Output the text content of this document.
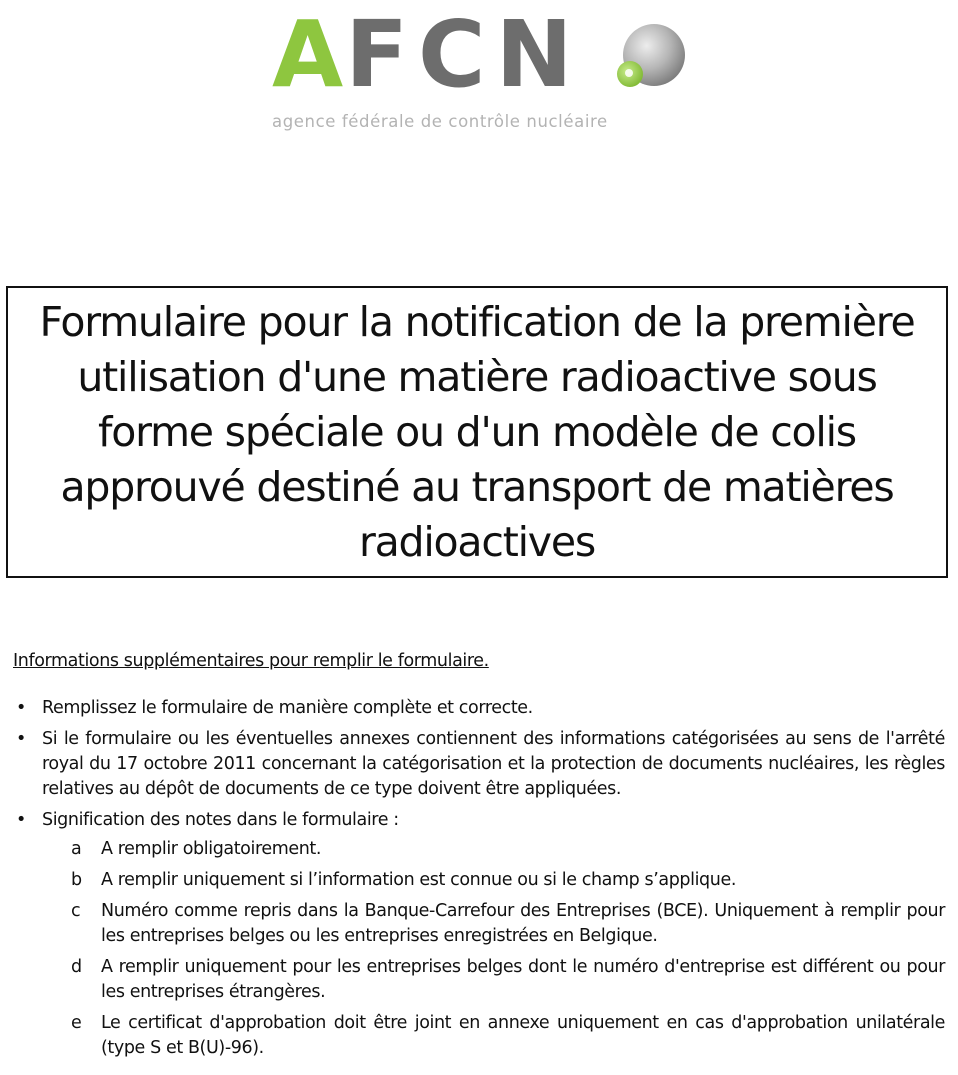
A FCN
agence fédérale de contrôle nucléaire
Formulaire pour la notification de la première utilisation d'une matière radioactive sous forme spéciale ou d'un modèle de colis approuvé destiné au transport de matières radioactives

Informations supplémentaires pour remplir le formulaire.

• Remplissez le formulaire de manière complète et correcte.
• Si le formulaire ou les éventuelles annexes contiennent des informations catégorisées au sens de l'arrêté royal du 17 octobre 2011 concernant la catégorisation et la protection de documents nucléaires, les règles relatives au dépôt de documents de ce type doivent être appliquées.
• Signification des notes dans le formulaire :
a A remplir obligatoirement.
b A remplir uniquement si l’information est connue ou si le champ s’applique.
c Numéro comme repris dans la Banque-Carrefour des Entreprises (BCE). Uniquement à remplir pour les entreprises belges ou les entreprises enregistrées en Belgique.
d A remplir uniquement pour les entreprises belges dont le numéro d'entreprise est différent ou pour les entreprises étrangères.
e Le certificat d'approbation doit être joint en annexe uniquement en cas d'approbation unilatérale (type S et B(U)-96).
